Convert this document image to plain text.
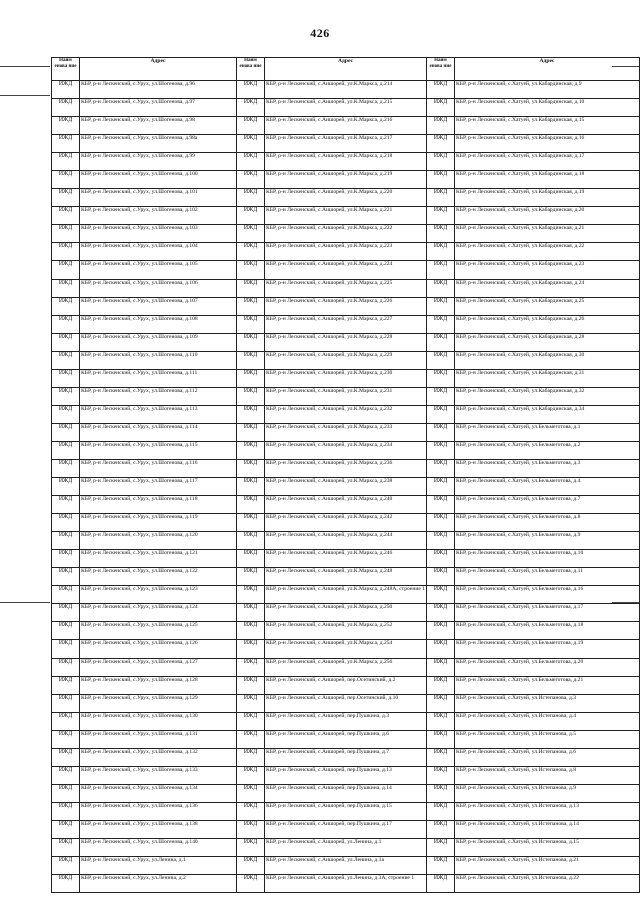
426
Наим енова ние	Адрес	Наим енова ние	Адрес	Наим енова ние	Адрес
ИЖД	КБР, р-н Лескенский, с.Урух, ул.Шогенова, д.96	ИЖД	КБР, р-н Лескенский, с.Аишорей, ул.К.Маркса, д.214	ИЖД	КБР, р-н Лескенский, с.Хатуей, ул.Кабардинская, д.9
ИЖД	КБР, р-н Лескенский, с.Урух, ул.Шогенова, д.97	ИЖД	КБР, р-н Лескенский, с.Аишорей, ул.К.Маркса, д.215	ИЖД	КБР, р-н Лескенский, с.Хатуей, ул.Кабардинская, д.10
ИЖД	КБР, р-н Лескенский, с.Урух, ул.Шогенова, д.98	ИЖД	КБР, р-н Лескенский, с.Аишорей, ул.К.Маркса, д.216	ИЖД	КБР, р-н Лескенский, с.Хатуей, ул.Кабардинская, д.15
ИЖД	КБР, р-н Лескенский, с.Урух, ул.Шогенова, д.98а	ИЖД	КБР, р-н Лескенский, с.Аишорей, ул.К.Маркса, д.217	ИЖД	КБР, р-н Лескенский, с.Хатуей, ул.Кабардинская, д.16
ИЖД	КБР, р-н Лескенский, с.Урух, ул.Шогенова, д.99	ИЖД	КБР, р-н Лескенский, с.Аишорей, ул.К.Маркса, д.218	ИЖД	КБР, р-н Лескенский, с.Хатуей, ул.Кабардинская, д.17
ИЖД	КБР, р-н Лескенский, с.Урух, ул.Шогенова, д.100	ИЖД	КБР, р-н Лескенский, с.Аишорей, ул.К.Маркса, д.219	ИЖД	КБР, р-н Лескенский, с.Хатуей, ул.Кабардинская, д.18
ИЖД	КБР, р-н Лескенский, с.Урух, ул.Шогенова, д.101	ИЖД	КБР, р-н Лескенский, с.Аишорей, ул.К.Маркса, д.220	ИЖД	КБР, р-н Лескенский, с.Хатуей, ул.Кабардинская, д.19
ИЖД	КБР, р-н Лескенский, с.Урух, ул.Шогенова, д.102	ИЖД	КБР, р-н Лескенский, с.Аишорей, ул.К.Маркса, д.221	ИЖД	КБР, р-н Лескенский, с.Хатуей, ул.Кабардинская, д.20
ИЖД	КБР, р-н Лескенский, с.Урух, ул.Шогенова, д.103	ИЖД	КБР, р-н Лескенский, с.Аишорей, ул.К.Маркса, д.222	ИЖД	КБР, р-н Лескенский, с.Хатуей, ул.Кабардинская, д.21
ИЖД	КБР, р-н Лескенский, с.Урух, ул.Шогенова, д.104	ИЖД	КБР, р-н Лескенский, с.Аишорей, ул.К.Маркса, д.223	ИЖД	КБР, р-н Лескенский, с.Хатуей, ул.Кабардинская, д.22
ИЖД	КБР, р-н Лескенский, с.Урух, ул.Шогенова, д.105	ИЖД	КБР, р-н Лескенский, с.Аишорей, ул.К.Маркса, д.224	ИЖД	КБР, р-н Лескенский, с.Хатуей, ул.Кабардинская, д.23
ИЖД	КБР, р-н Лескенский, с.Урух, ул.Шогенова, д.106	ИЖД	КБР, р-н Лескенский, с.Аишорей, ул.К.Маркса, д.225	ИЖД	КБР, р-н Лескенский, с.Хатуей, ул.Кабардинская, д.24
ИЖД	КБР, р-н Лескенский, с.Урух, ул.Шогенова, д.107	ИЖД	КБР, р-н Лескенский, с.Аишорей, ул.К.Маркса, д.226	ИЖД	КБР, р-н Лескенский, с.Хатуей, ул.Кабардинская, д.25
ИЖД	КБР, р-н Лескенский, с.Урух, ул.Шогенова, д.108	ИЖД	КБР, р-н Лескенский, с.Аишорей, ул.К.Маркса, д.227	ИЖД	КБР, р-н Лескенский, с.Хатуей, ул.Кабардинская, д.26
ИЖД	КБР, р-н Лескенский, с.Урух, ул.Шогенова, д.109	ИЖД	КБР, р-н Лескенский, с.Аишорей, ул.К.Маркса, д.228	ИЖД	КБР, р-н Лескенский, с.Хатуей, ул.Кабардинская, д.28
ИЖД	КБР, р-н Лескенский, с.Урух, ул.Шогенова, д.110	ИЖД	КБР, р-н Лескенский, с.Аишорей, ул.К.Маркса, д.229	ИЖД	КБР, р-н Лескенский, с.Хатуей, ул.Кабардинская, д.30
ИЖД	КБР, р-н Лескенский, с.Урух, ул.Шогенова, д.111	ИЖД	КБР, р-н Лескенский, с.Аишорей, ул.К.Маркса, д.230	ИЖД	КБР, р-н Лескенский, с.Хатуей, ул.Кабардинская, д.31
ИЖД	КБР, р-н Лескенский, с.Урух, ул.Шогенова, д.112	ИЖД	КБР, р-н Лескенский, с.Аишорей, ул.К.Маркса, д.231	ИЖД	КБР, р-н Лескенский, с.Хатуей, ул.Кабардинская, д.32
ИЖД	КБР, р-н Лескенский, с.Урух, ул.Шогенова, д.113	ИЖД	КБР, р-н Лескенский, с.Аишорей, ул.К.Маркса, д.232	ИЖД	КБР, р-н Лескенский, с.Хатуей, ул.Кабардинская, д.34
ИЖД	КБР, р-н Лескенский, с.Урух, ул.Шогенова, д.114	ИЖД	КБР, р-н Лескенский, с.Аишорей, ул.К.Маркса, д.233	ИЖД	КБР, р-н Лескенский, с.Хатуей, ул.Бельмеготова, д.1
ИЖД	КБР, р-н Лескенский, с.Урух, ул.Шогенова, д.115	ИЖД	КБР, р-н Лескенский, с.Аишорей, ул.К.Маркса, д.234	ИЖД	КБР, р-н Лескенский, с.Хатуей, ул.Бельмеготова, д.2
ИЖД	КБР, р-н Лескенский, с.Урух, ул.Шогенова, д.116	ИЖД	КБР, р-н Лескенский, с.Аишорей, ул.К.Маркса, д.236	ИЖД	КБР, р-н Лескенский, с.Хатуей, ул.Бельмеготова, д.3
ИЖД	КБР, р-н Лескенский, с.Урух, ул.Шогенова, д.117	ИЖД	КБР, р-н Лескенский, с.Аишорей, ул.К.Маркса, д.238	ИЖД	КБР, р-н Лескенский, с.Хатуей, ул.Бельмеготова, д.4
ИЖД	КБР, р-н Лескенский, с.Урух, ул.Шогенова, д.118	ИЖД	КБР, р-н Лескенский, с.Аишорей, ул.К.Маркса, д.240	ИЖД	КБР, р-н Лескенский, с.Хатуей, ул.Бельмеготова, д.7
ИЖД	КБР, р-н Лескенский, с.Урух, ул.Шогенова, д.119	ИЖД	КБР, р-н Лескенский, с.Аишорей, ул.К.Маркса, д.242	ИЖД	КБР, р-н Лескенский, с.Хатуей, ул.Бельмеготова, д.8
ИЖД	КБР, р-н Лескенский, с.Урух, ул.Шогенова, д.120	ИЖД	КБР, р-н Лескенский, с.Аишорей, ул.К.Маркса, д.244	ИЖД	КБР, р-н Лескенский, с.Хатуей, ул.Бельмеготова, д.9
ИЖД	КБР, р-н Лескенский, с.Урух, ул.Шогенова, д.121	ИЖД	КБР, р-н Лескенский, с.Аишорей, ул.К.Маркса, д.246	ИЖД	КБР, р-н Лескенский, с.Хатуей, ул.Бельмеготова, д.10
ИЖД	КБР, р-н Лескенский, с.Урух, ул.Шогенова, д.122	ИЖД	КБР, р-н Лескенский, с.Аишорей, ул.К.Маркса, д.248	ИЖД	КБР, р-н Лескенский, с.Хатуей, ул.Бельмеготова, д.11
ИЖД	КБР, р-н Лескенский, с.Урух, ул.Шогенова, д.123	ИЖД	КБР, р-н Лескенский, с.Аишорей, ул.К.Маркса, д.248А, строение 1	ИЖД	КБР, р-н Лескенский, с.Хатуей, ул.Бельмеготова, д.16
ИЖД	КБР, р-н Лескенский, с.Урух, ул.Шогенова, д.124	ИЖД	КБР, р-н Лескенский, с.Аишорей, ул.К.Маркса, д.250	ИЖД	КБР, р-н Лескенский, с.Хатуей, ул.Бельмеготова, д.17
ИЖД	КБР, р-н Лескенский, с.Урух, ул.Шогенова, д.125	ИЖД	КБР, р-н Лескенский, с.Аишорей, ул.К.Маркса, д.252	ИЖД	КБР, р-н Лескенский, с.Хатуей, ул.Бельмеготова, д.18
ИЖД	КБР, р-н Лескенский, с.Урух, ул.Шогенова, д.126	ИЖД	КБР, р-н Лескенский, с.Аишорей, ул.К.Маркса, д.254	ИЖД	КБР, р-н Лескенский, с.Хатуей, ул.Бельмеготова, д.19
ИЖД	КБР, р-н Лескенский, с.Урух, ул.Шогенова, д.127	ИЖД	КБР, р-н Лескенский, с.Аишорей, ул.К.Маркса, д.256	ИЖД	КБР, р-н Лескенский, с.Хатуей, ул.Бельмеготова, д.20
ИЖД	КБР, р-н Лескенский, с.Урух, ул.Шогенова, д.128	ИЖД	КБР, р-н Лескенский, с.Аишорей, пер.Осетинский, д.2	ИЖД	КБР, р-н Лескенский, с.Хатуей, ул.Бельмеготова, д.21
ИЖД	КБР, р-н Лескенский, с.Урух, ул.Шогенова, д.129	ИЖД	КБР, р-н Лескенский, с.Аишорей, пер.Осетинский, д.10	ИЖД	КБР, р-н Лескенский, с.Хатуей, ул.Истепанова, д.3
ИЖД	КБР, р-н Лескенский, с.Урух, ул.Шогенова, д.130	ИЖД	КБР, р-н Лескенский, с.Аишорей, пер.Пушкина, д.3	ИЖД	КБР, р-н Лескенский, с.Хатуей, ул.Истепанова, д.4
ИЖД	КБР, р-н Лескенский, с.Урух, ул.Шогенова, д.131	ИЖД	КБР, р-н Лескенский, с.Аишорей, пер.Пушкина, д.6	ИЖД	КБР, р-н Лескенский, с.Хатуей, ул.Истепанова, д.5
ИЖД	КБР, р-н Лескенский, с.Урух, ул.Шогенова, д.132	ИЖД	КБР, р-н Лескенский, с.Аишорей, пер.Пушкина, д.7	ИЖД	КБР, р-н Лескенский, с.Хатуей, ул.Истепанова, д.6
ИЖД	КБР, р-н Лескенский, с.Урух, ул.Шогенова, д.133	ИЖД	КБР, р-н Лескенский, с.Аишорей, пер.Пушкина, д.13	ИЖД	КБР, р-н Лескенский, с.Хатуей, ул.Истепанова, д.8
ИЖД	КБР, р-н Лескенский, с.Урух, ул.Шогенова, д.134	ИЖД	КБР, р-н Лескенский, с.Аишорей, пер.Пушкина, д.14	ИЖД	КБР, р-н Лескенский, с.Хатуей, ул.Истепанова, д.9
ИЖД	КБР, р-н Лескенский, с.Урух, ул.Шогенова, д.136	ИЖД	КБР, р-н Лескенский, с.Аишорей, пер.Пушкина, д.15	ИЖД	КБР, р-н Лескенский, с.Хатуей, ул.Истепанова, д.13
ИЖД	КБР, р-н Лескенский, с.Урух, ул.Шогенова, д.138	ИЖД	КБР, р-н Лескенский, с.Аишорей, пер.Пушкина, д.17	ИЖД	КБР, р-н Лескенский, с.Хатуей, ул.Истепанова, д.14
ИЖД	КБР, р-н Лескенский, с.Урух, ул.Шогенова, д.140	ИЖД	КБР, р-н Лескенский, с.Аишорей, ул.Ленина, д.1	ИЖД	КБР, р-н Лескенский, с.Хатуей, ул.Истепанова, д.15
ИЖД	КБР, р-н Лескенский, с.Урух, ул.Ленина, д.1	ИЖД	КБР, р-н Лескенский, с.Аишорей, ул.Ленина, д.1а	ИЖД	КБР, р-н Лескенский, с.Хатуей, ул.Истепанова, д.21
ИЖД	КБР, р-н Лескенский, с.Урух, ул.Ленина, д.2	ИЖД	КБР, р-н Лескенский, с.Аишорей, ул.Ленина, д.3А, строение 1	ИЖД	КБР, р-н Лескенский, с.Хатуей, ул.Истепанова, д.22
